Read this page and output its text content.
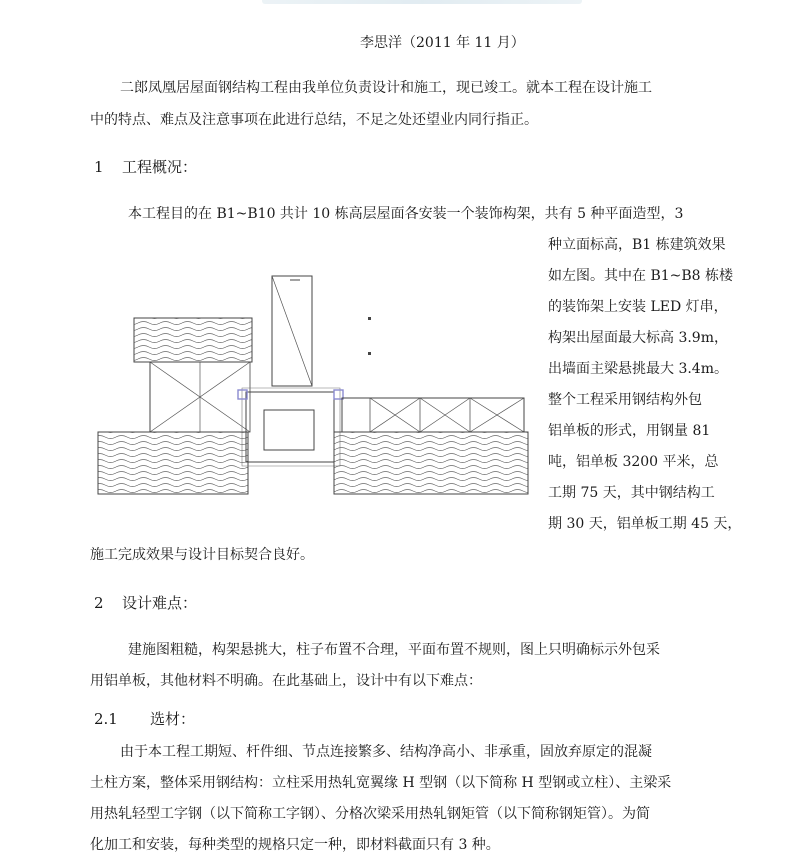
李思洋（2011 年 11 月）
二郎凤凰居屋面钢结构工程由我单位负责设计和施工，现已竣工。就本工程在设计施工
中的特点、难点及注意事项在此进行总结，不足之处还望业内同行指正。
1 工程概况：
本工程目的在 B1~B10 共计 10 栋高层屋面各安装一个装饰构架，共有 5 种平面造型，3
种立面标高，B1 栋建筑效果
如左图。其中在 B1~B8 栋楼
的装饰架上安装 LED 灯串，
构架出屋面最大标高 3.9m，
出墙面主梁悬挑最大 3.4m。
整个工程采用钢结构外包
铝单板的形式，用钢量 81
吨，铝单板 3200 平米，总
工期 75 天，其中钢结构工
期 30 天，铝单板工期 45 天，
施工完成效果与设计目标契合良好。
2 设计难点：
建施图粗糙，构架悬挑大，柱子布置不合理，平面布置不规则，图上只明确标示外包采
用铝单板，其他材料不明确。在此基础上，设计中有以下难点：
2.1 选材：
由于本工程工期短、杆件细、节点连接繁多、结构净高小、非承重，固放弃原定的混凝
土柱方案，整体采用钢结构：立柱采用热轧宽翼缘 H 型钢（以下简称 H 型钢或立柱）、主梁采
用热轧轻型工字钢（以下简称工字钢）、分格次梁采用热轧钢矩管（以下简称钢矩管）。为简
化加工和安装，每种类型的规格只定一种，即材料截面只有 3 种。
